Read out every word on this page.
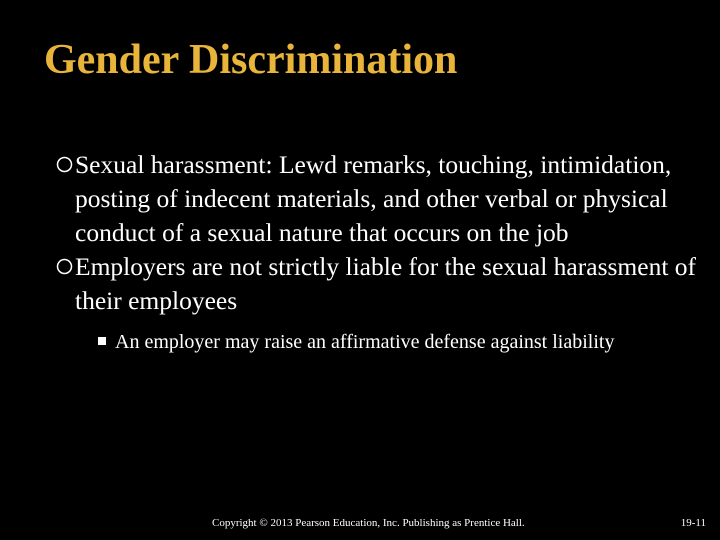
Gender Discrimination
Sexual harassment: Lewd remarks, touching, intimidation, posting of indecent materials, and other verbal or physical conduct of a sexual nature that occurs on the job
Employers are not strictly liable for the sexual harassment of their employees
An employer may raise an affirmative defense against liability
Copyright © 2013 Pearson Education, Inc. Publishing as Prentice Hall.	19-11
